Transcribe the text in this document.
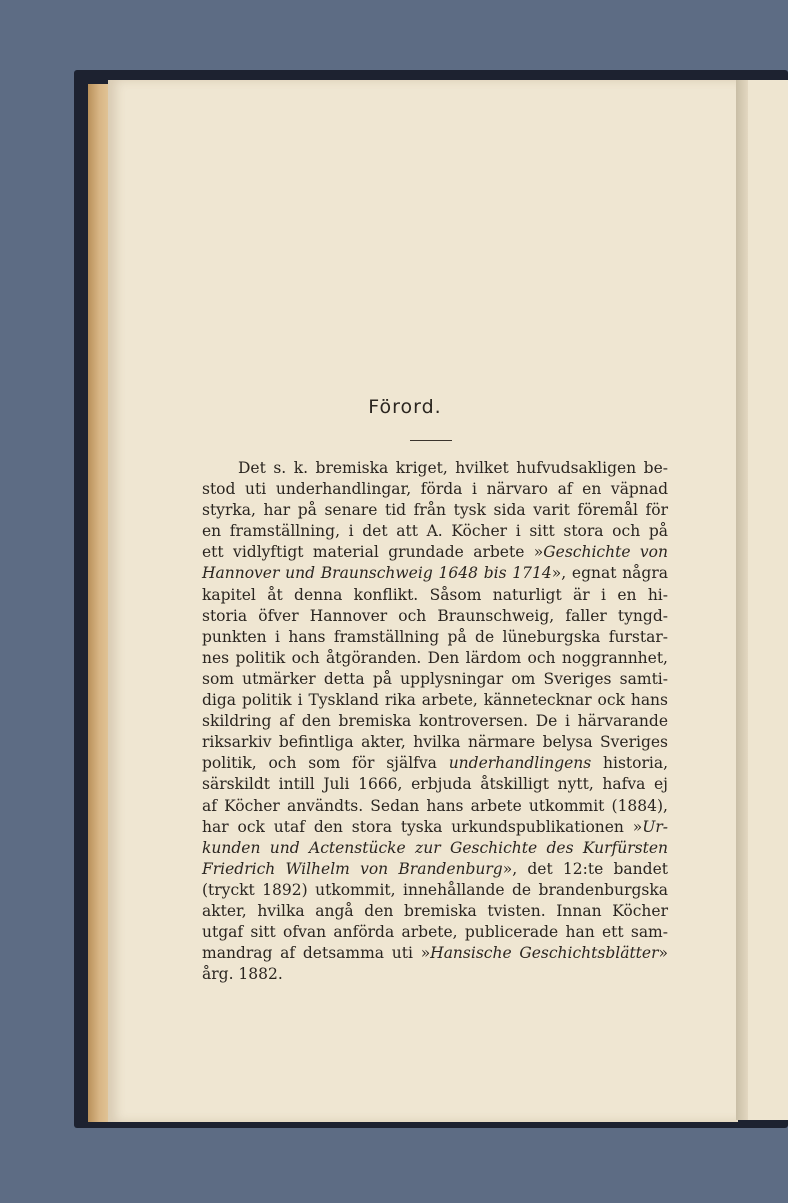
Förord.
Det s. k. bremiska kriget, hvilket hufvudsakligen be-
stod uti underhandlingar, förda i närvaro af en väpnad
styrka, har på senare tid från tysk sida varit föremål för
en framställning, i det att A. Köcher i sitt stora och på
ett vidlyftigt material grundade arbete »Geschichte von
Hannover und Braunschweig 1648 bis 1714», egnat några
kapitel åt denna konflikt. Såsom naturligt är i en hi-
storia öfver Hannover och Braunschweig, faller tyngd-
punkten i hans framställning på de lüneburgska furstar-
nes politik och åtgöranden. Den lärdom och noggrannhet,
som utmärker detta på upplysningar om Sveriges samti-
diga politik i Tyskland rika arbete, kännetecknar ock hans
skildring af den bremiska kontroversen. De i härvarande
riksarkiv befintliga akter, hvilka närmare belysa Sveriges
politik, och som för själfva underhandlingens historia,
särskildt intill Juli 1666, erbjuda åtskilligt nytt, hafva ej
af Köcher användts. Sedan hans arbete utkommit (1884),
har ock utaf den stora tyska urkundspublikationen »Ur-
kunden und Actenstücke zur Geschichte des Kurfürsten
Friedrich Wilhelm von Brandenburg», det 12:te bandet
(tryckt 1892) utkommit, innehållande de brandenburgska
akter, hvilka angå den bremiska tvisten. Innan Köcher
utgaf sitt ofvan anförda arbete, publicerade han ett sam-
mandrag af detsamma uti »Hansische Geschichtsblätter»
årg. 1882.
